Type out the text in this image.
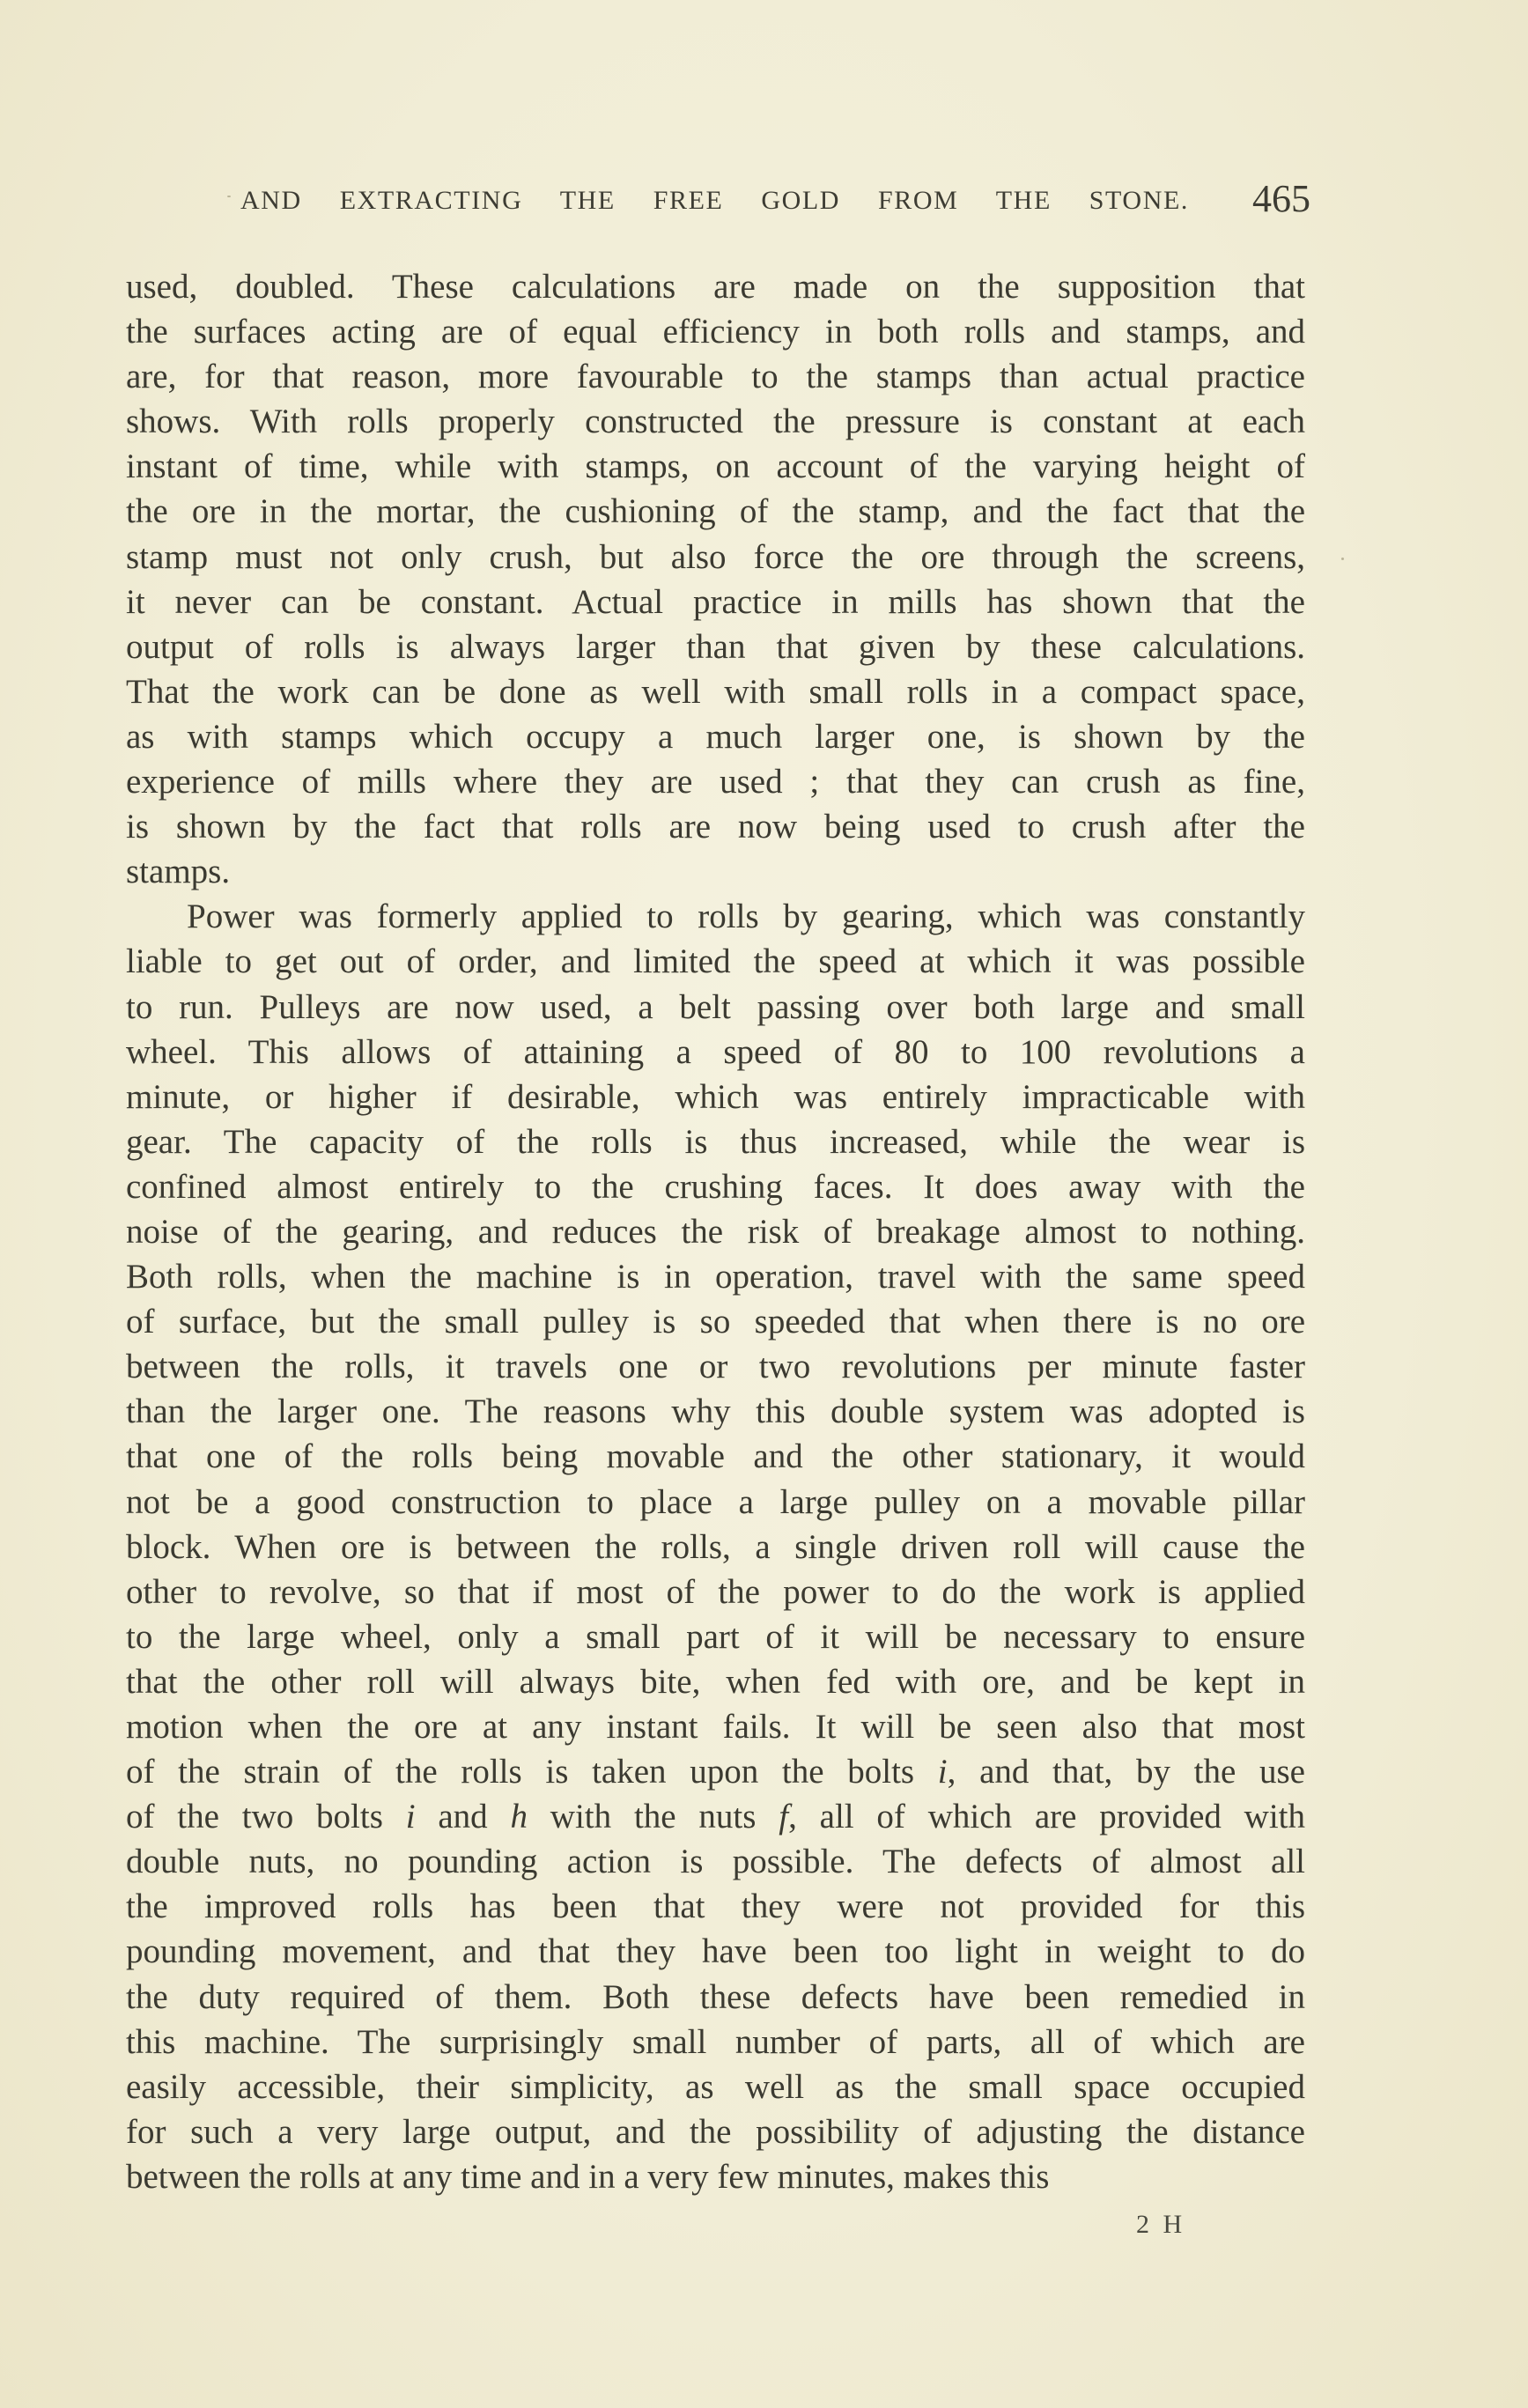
AND EXTRACTING THE FREE GOLD FROM THE STONE.	465
used, doubled. These calculations are made on the supposition that
the surfaces acting are of equal efficiency in both rolls and stamps, and
are, for that reason, more favourable to the stamps than actual practice
shows. With rolls properly constructed the pressure is constant at each
instant of time, while with stamps, on account of the varying height of
the ore in the mortar, the cushioning of the stamp, and the fact that the
stamp must not only crush, but also force the ore through the screens,
it never can be constant. Actual practice in mills has shown that the
output of rolls is always larger than that given by these calculations.
That the work can be done as well with small rolls in a compact space,
as with stamps which occupy a much larger one, is shown by the
experience of mills where they are used ; that they can crush as fine,
is shown by the fact that rolls are now being used to crush after the
stamps.
Power was formerly applied to rolls by gearing, which was constantly
liable to get out of order, and limited the speed at which it was possible
to run. Pulleys are now used, a belt passing over both large and small
wheel. This allows of attaining a speed of 80 to 100 revolutions a
minute, or higher if desirable, which was entirely impracticable with
gear. The capacity of the rolls is thus increased, while the wear is
confined almost entirely to the crushing faces. It does away with the
noise of the gearing, and reduces the risk of breakage almost to nothing.
Both rolls, when the machine is in operation, travel with the same speed
of surface, but the small pulley is so speeded that when there is no ore
between the rolls, it travels one or two revolutions per minute faster
than the larger one. The reasons why this double system was adopted is
that one of the rolls being movable and the other stationary, it would
not be a good construction to place a large pulley on a movable pillar
block. When ore is between the rolls, a single driven roll will cause the
other to revolve, so that if most of the power to do the work is applied
to the large wheel, only a small part of it will be necessary to ensure
that the other roll will always bite, when fed with ore, and be kept in
motion when the ore at any instant fails. It will be seen also that most
of the strain of the rolls is taken upon the bolts i, and that, by the use
of the two bolts i and h with the nuts f, all of which are provided with
double nuts, no pounding action is possible. The defects of almost all
the improved rolls has been that they were not provided for this
pounding movement, and that they have been too light in weight to do
the duty required of them. Both these defects have been remedied in
this machine. The surprisingly small number of parts, all of which are
easily accessible, their simplicity, as well as the small space occupied
for such a very large output, and the possibility of adjusting the distance
between the rolls at any time and in a very few minutes, makes this
2 H
